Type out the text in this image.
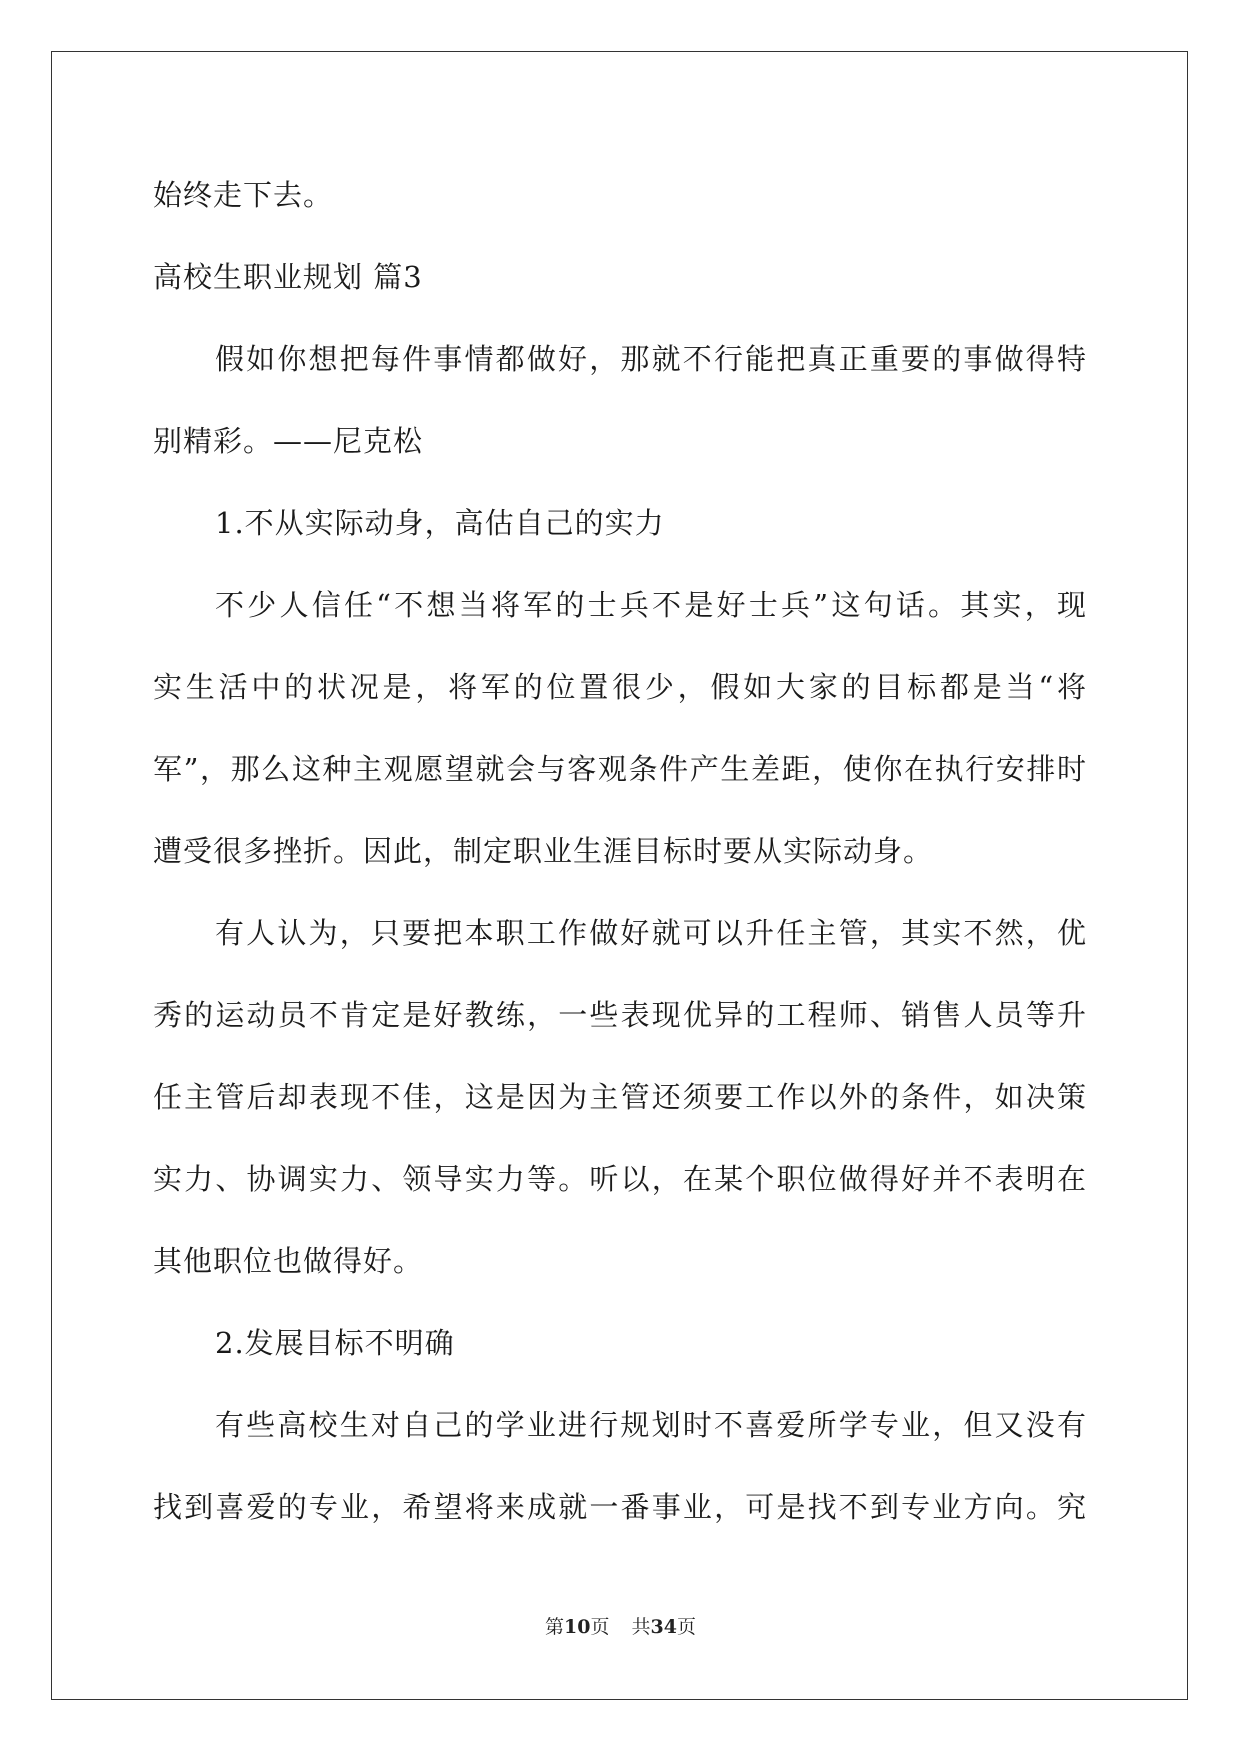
始终走下去。
高校生职业规划 篇3
假如你想把每件事情都做好，那就不行能把真正重要的事做得特
别精彩。——尼克松
1.不从实际动身，高估自己的实力
不少人信任“不想当将军的士兵不是好士兵”这句话。其实，现
实生活中的状况是，将军的位置很少，假如大家的目标都是当“将
军”，那么这种主观愿望就会与客观条件产生差距，使你在执行安排时
遭受很多挫折。因此，制定职业生涯目标时要从实际动身。
有人认为，只要把本职工作做好就可以升任主管，其实不然，优
秀的运动员不肯定是好教练，一些表现优异的工程师、销售人员等升
任主管后却表现不佳，这是因为主管还须要工作以外的条件，如决策
实力、协调实力、领导实力等。听以，在某个职位做得好并不表明在
其他职位也做得好。
2.发展目标不明确
有些高校生对自己的学业进行规划时不喜爱所学专业，但又没有
找到喜爱的专业，希望将来成就一番事业，可是找不到专业方向。究
第10页 共34页
